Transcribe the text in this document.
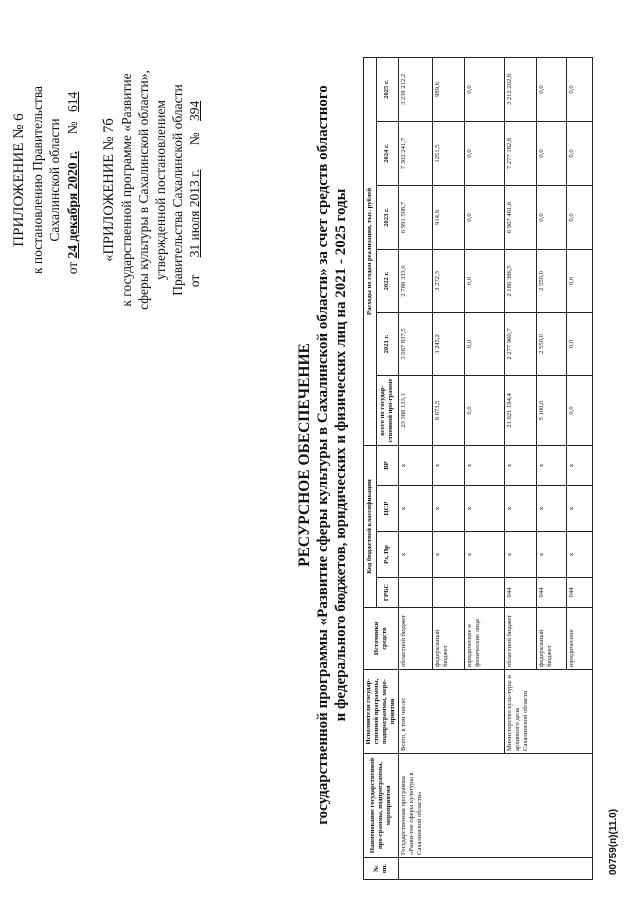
ПРИЛОЖЕНИЕ № 6 к постановлению Правительства Сахалинской области
от 24 декабря 2020 г.     № 614
«ПРИЛОЖЕНИЕ № 7б к государственной программе «Развитие сферы культуры в Сахалинской области», утвержденной постановлением Правительства Сахалинской области от 31 июля 2013 г.   № 394
РЕСУРСНОЕ ОБЕСПЕЧЕНИЕ государственной программы «Развитие сферы культуры в Сахалинской области» за счет средств областного и федерального бюджетов, юридических и физических лиц на 2021 - 2025 годы
№ пп.	Наименование государственной про-граммы, подпрограммы, мероприятия	Исполнители государ-ственной программы, подпрограммы, меро-приятия	Источники средств	Код бюджетной классификации				Расходы по годам реализации, тыс. рублей					
				ГРБС	Рз, Пр	ЦСР	ВР	всего по государ-ственной про-грамме	2021 г.	2022 г.	2023 г.	2024 г.	2025 г.
	Государственная программа «Разви-тие сферы культуры в Сахалинской области»	Всего, в том числе:	областной бюджет		x	x	x	23 388 133,1	3 067 837,5	2 788 333,0	6 991 508,7	7 302 241,7	3 238 212,2
			федеральный бюджет		x	x	x	9 673,5	3 245,2	3 272,3	914,9	1251,5	989,6
			юридические и физические лица		x	x	x	0,0	0,0	0,0	0,0	0,0	0,0
		Министерство куль-туры и архивного дела Сахалинской области	областной бюджет	044	x	x	x	21 921 194,4	2 277 960,7	2 186 386,5	6 967 461,6	7 277 182,8	3 212 202,8
			федеральный бюджет	044	x	x	x	5 100,0	2 550,0	2 550,0	0,0	0,0	0,0
			юридические	044	x	x	x	0,0	0,0	0,0	0,0	0,0	0,0
00759(п)(11.0)
